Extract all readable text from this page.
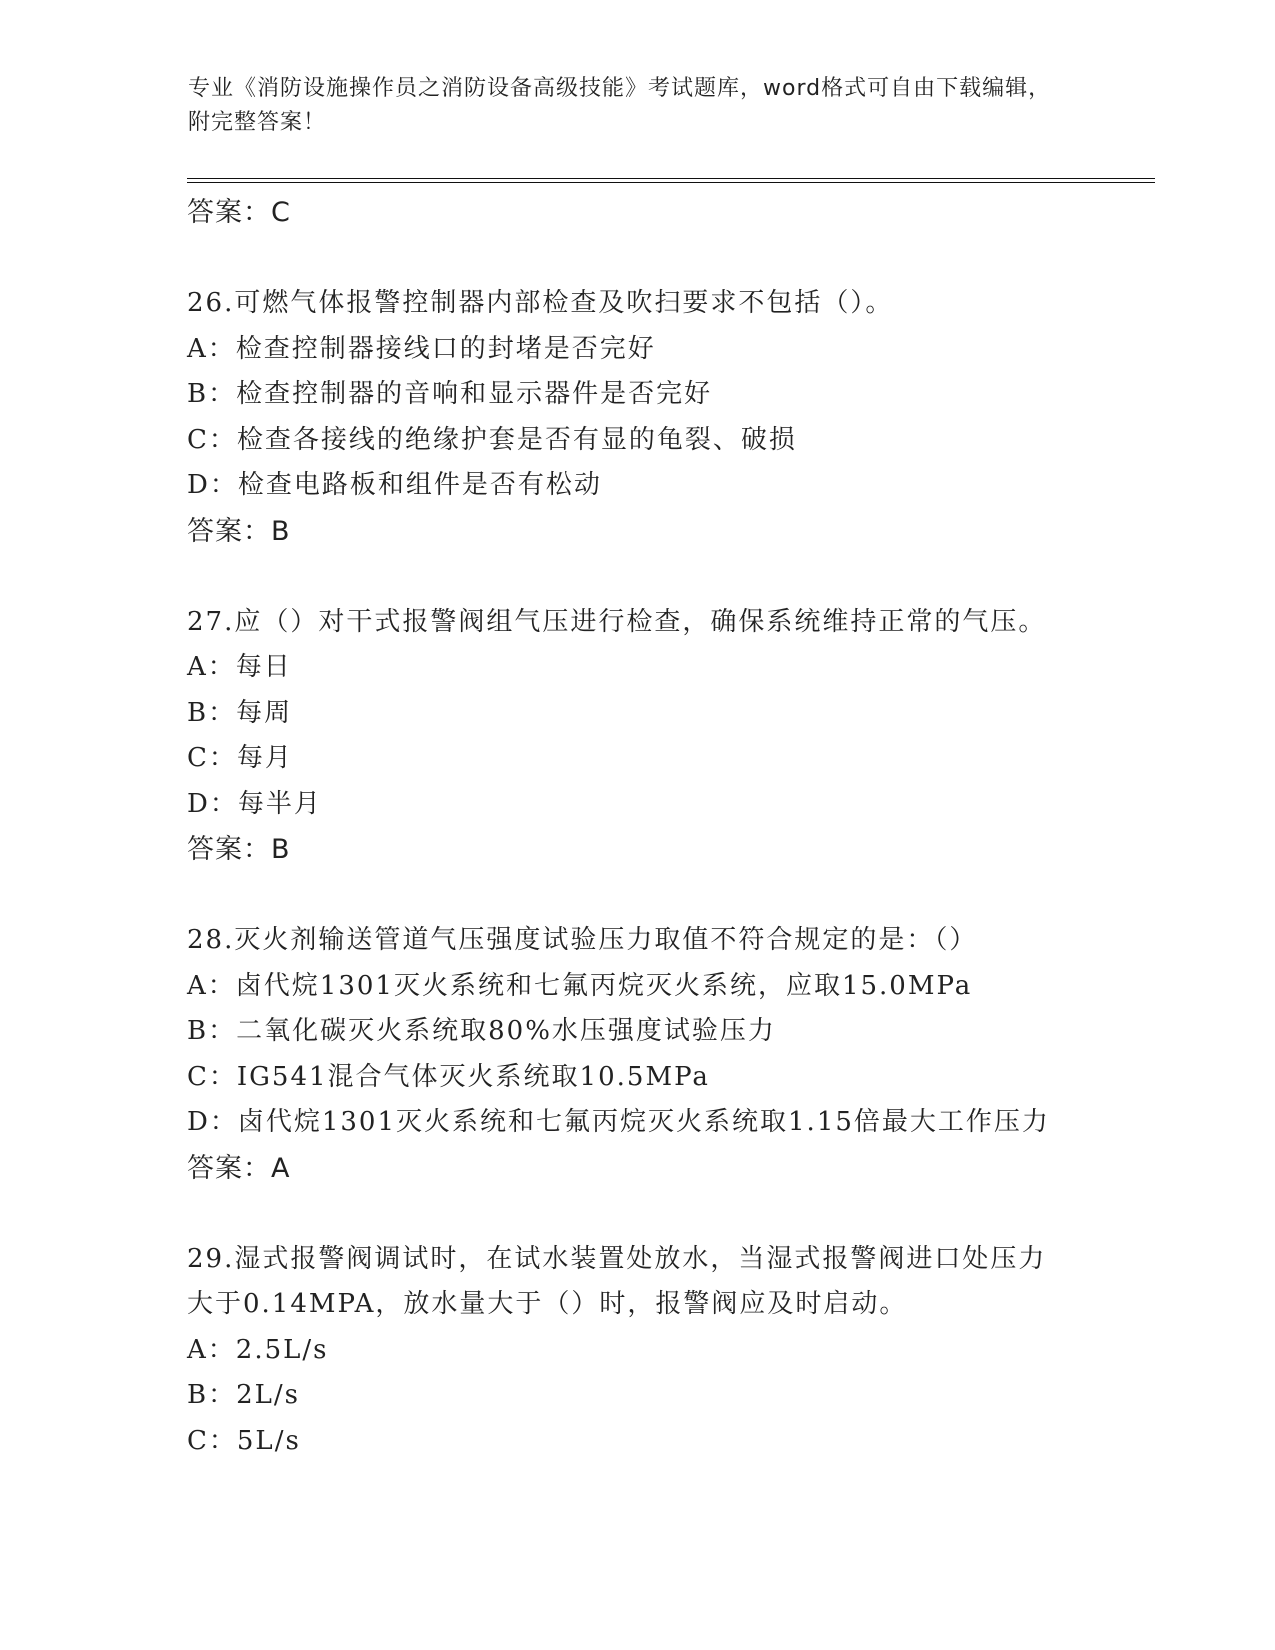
专业《消防设施操作员之消防设备高级技能》考试题库，word格式可自由下载编辑，附完整答案！
答案：C
26.可燃气体报警控制器内部检查及吹扫要求不包括（）。
A：检查控制器接线口的封堵是否完好
B：检查控制器的音响和显示器件是否完好
C：检查各接线的绝缘护套是否有显的龟裂、破损
D：检查电路板和组件是否有松动
答案：B
27.应（）对干式报警阀组气压进行检查，确保系统维持正常的气压。
A：每日
B：每周
C：每月
D：每半月
答案：B
28.灭火剂输送管道气压强度试验压力取值不符合规定的是：（）
A：卤代烷1301灭火系统和七氟丙烷灭火系统，应取15.0MPa
B：二氧化碳灭火系统取80%水压强度试验压力
C：IG541混合气体灭火系统取10.5MPa
D：卤代烷1301灭火系统和七氟丙烷灭火系统取1.15倍最大工作压力
答案：A
29.湿式报警阀调试时，在试水装置处放水，当湿式报警阀进口处压力
大于0.14MPA，放水量大于（）时，报警阀应及时启动。
A：2.5L/s
B：2L/s
C：5L/s
